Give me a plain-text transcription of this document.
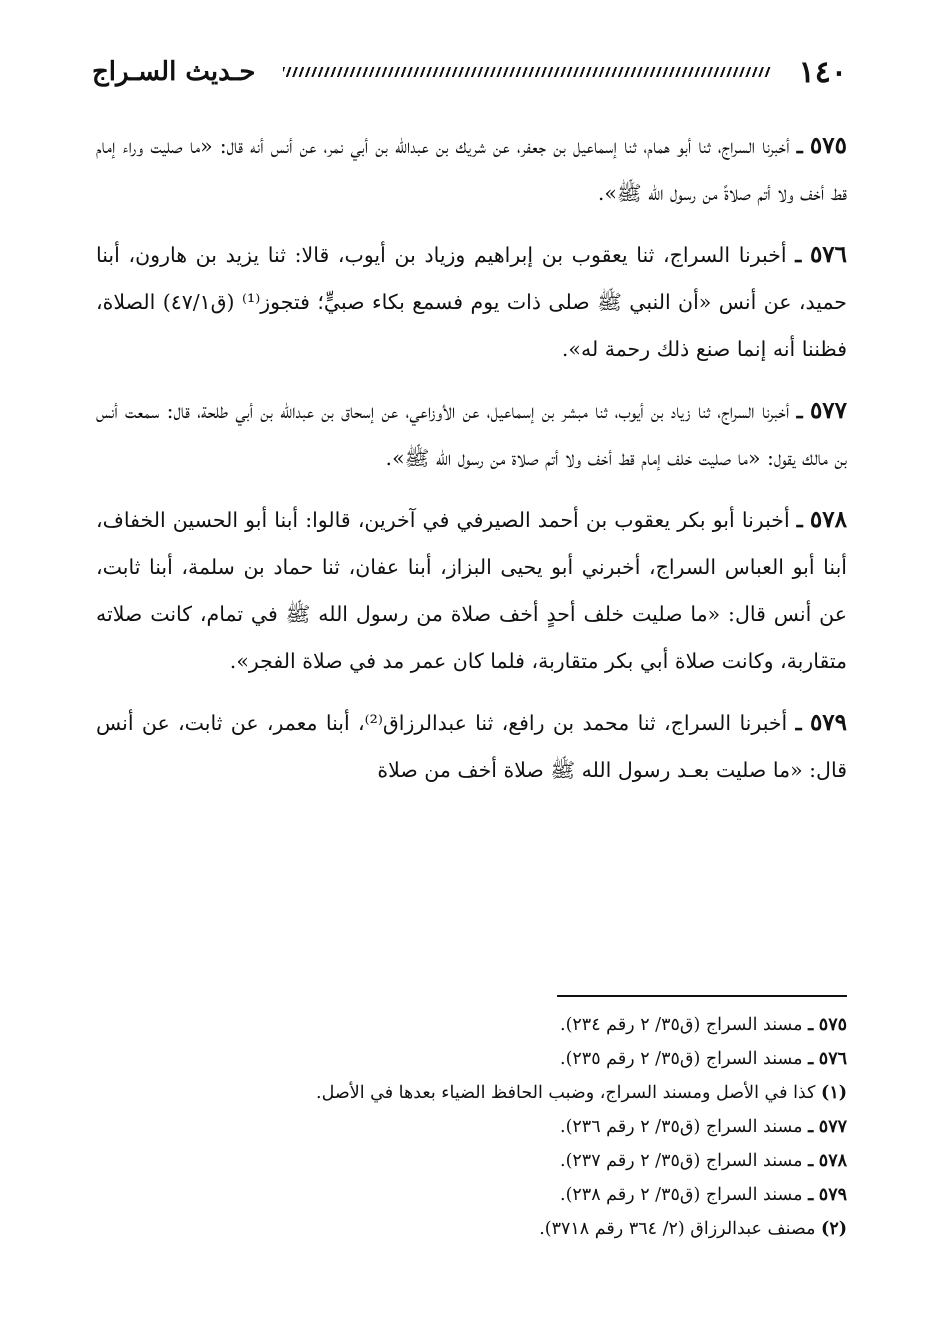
١٤٠
حـديث السـراج

٥٧٥ ـ أخبرنا السراج، ثنا أبو همام، ثنا إسماعيل بن جعفر، عن شريك بن عبدالله بن أبي نمر، عن أنس أنه قال: «ما صليت وراء إمام قط أخف ولا أتم صلاةً من رسول الله ﷺ».

٥٧٦ ـ أخبرنا السراج، ثنا يعقوب بن إبراهيم وزياد بن أيوب، قالا: ثنا يزيد بن هارون، أبنا حميد، عن أنس «أن النبي ﷺ صلى ذات يوم فسمع بكاء صبيٍّ؛ فتجوز⁽¹⁾ (ق٤٧/١) الصلاة، فظننا أنه إنما صنع ذلك رحمة له».

٥٧٧ ـ أخبرنا السراج، ثنا زياد بن أيوب، ثنا مبشر بن إسماعيل، عن الأوزاعي، عن إسحاق بن عبدالله بن أبي طلحة، قال: سمعت أنس بن مالك يقول: «ما صليت خلف إمام قط أخف ولا أتم صلاة من رسول الله ﷺ».

٥٧٨ ـ أخبرنا أبو بكر يعقوب بن أحمد الصيرفي في آخرين، قالوا: أبنا أبو الحسين الخفاف، أبنا أبو العباس السراج، أخبرني أبو يحيى البزاز، أبنا عفان، ثنا حماد بن سلمة، أبنا ثابت، عن أنس قال: «ما صليت خلف أحدٍ أخف صلاة من رسول الله ﷺ في تمام، كانت صلاته متقاربة، وكانت صلاة أبي بكر متقاربة، فلما كان عمر مد في صلاة الفجر».

٥٧٩ ـ أخبرنا السراج، ثنا محمد بن رافع، ثنا عبدالرزاق⁽²⁾، أبنا معمر، عن ثابت، عن أنس قال: «ما صليت بعـد رسول الله ﷺ صلاة أخف من صلاة

٥٧٥ ـ مسند السراج (ق٣٥/ ٢ رقم ٢٣٤).

٥٧٦ ـ مسند السراج (ق٣٥/ ٢ رقم ٢٣٥).

(١) كذا في الأصل ومسند السراج، وضبب الحافظ الضياء بعدها في الأصل.

٥٧٧ ـ مسند السراج (ق٣٥/ ٢ رقم ٢٣٦).

٥٧٨ ـ مسند السراج (ق٣٥/ ٢ رقم ٢٣٧).

٥٧٩ ـ مسند السراج (ق٣٥/ ٢ رقم ٢٣٨).

(٢) مصنف عبدالرزاق (٢/ ٣٦٤ رقم ٣٧١٨).
